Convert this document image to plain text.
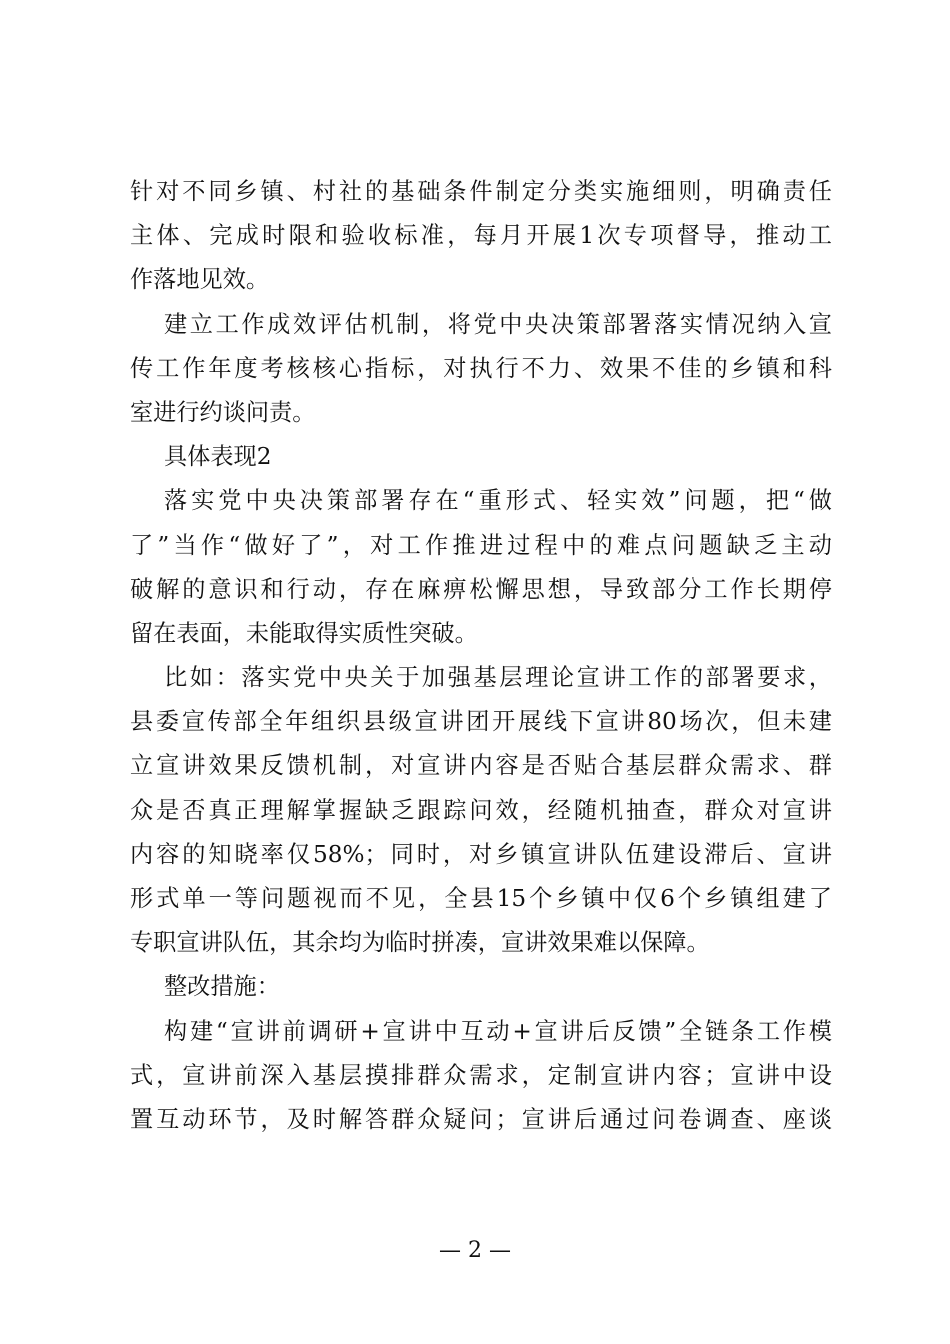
针对不同乡镇、村社的基础条件制定分类实施细则，明确责任
主体、完成时限和验收标准，每月开展1次专项督导，推动工
作落地见效。
建立工作成效评估机制，将党中央决策部署落实情况纳入宣
传工作年度考核核心指标，对执行不力、效果不佳的乡镇和科
室进行约谈问责。
具体表现2
落实党中央决策部署存在“重形式、轻实效”问题，把“做
了”当作“做好了”，对工作推进过程中的难点问题缺乏主动
破解的意识和行动，存在麻痹松懈思想，导致部分工作长期停
留在表面，未能取得实质性突破。
比如：落实党中央关于加强基层理论宣讲工作的部署要求，
县委宣传部全年组织县级宣讲团开展线下宣讲80场次，但未建
立宣讲效果反馈机制，对宣讲内容是否贴合基层群众需求、群
众是否真正理解掌握缺乏跟踪问效，经随机抽查，群众对宣讲
内容的知晓率仅58%；同时，对乡镇宣讲队伍建设滞后、宣讲
形式单一等问题视而不见，全县15个乡镇中仅6个乡镇组建了
专职宣讲队伍，其余均为临时拼凑，宣讲效果难以保障。
整改措施：
构建“宣讲前调研+宣讲中互动+宣讲后反馈”全链条工作模
式，宣讲前深入基层摸排群众需求，定制宣讲内容；宣讲中设
置互动环节，及时解答群众疑问；宣讲后通过问卷调查、座谈
— 2 —
